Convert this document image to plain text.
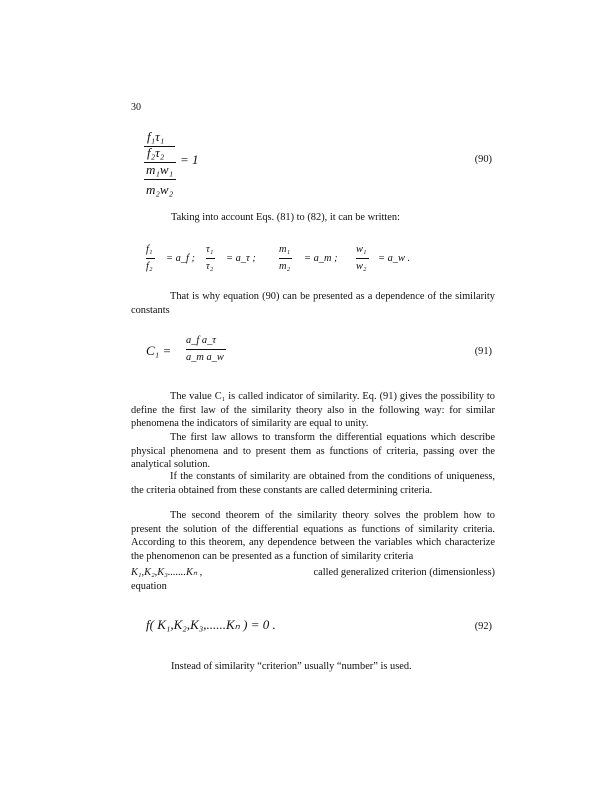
30
f₁τ₁
f₂τ₂ = 1
m₁w₁
m₂w₂
(90)
Taking into account Eqs. (81) to (82), it can be written:
$\frac{\text{f₁}}{\text{f₂}}$ = a_f ; $\frac{\text{τ₁}}{\text{τ₂}}$ = a_τ ; $\frac{\text{m₁}}{\text{m₂}}$ = a_m ; $\frac{\text{w₁}}{\text{w₂}}$ = a_w .
That is why equation (90) can be presented as a dependence of the similarity constants
$C_1 = \frac{\text{a\_f a\_τ}}{\text{a\_m a\_w}}$	(91)
The value C₁ is called indicator of similarity. Eq. (91) gives the possibility to define the first law of the similarity theory also in the following way: for similar phenomena the indicators of similarity are equal to unity.
The first law allows to transform the differential equations which describe physical phenomena and to present them as functions of criteria, passing over the analytical solution.
If the constants of similarity are obtained from the conditions of uniqueness, the criteria obtained from these constants are called determining criteria.
The second theorem of the similarity theory solves the problem how to present the solution of the differential equations as functions of similarity criteria. According to this theorem, any dependence between the variables which characterize the phenomenon can be presented as a function of similarity criteria
K₁,K₂,K₃.......Kₙ ,	called generalized criterion (dimensionless)
equation
f( K₁,K₂,K₃,......Kₙ ) = 0 .	(92)
Instead of similarity “criterion” usually “number” is used.
